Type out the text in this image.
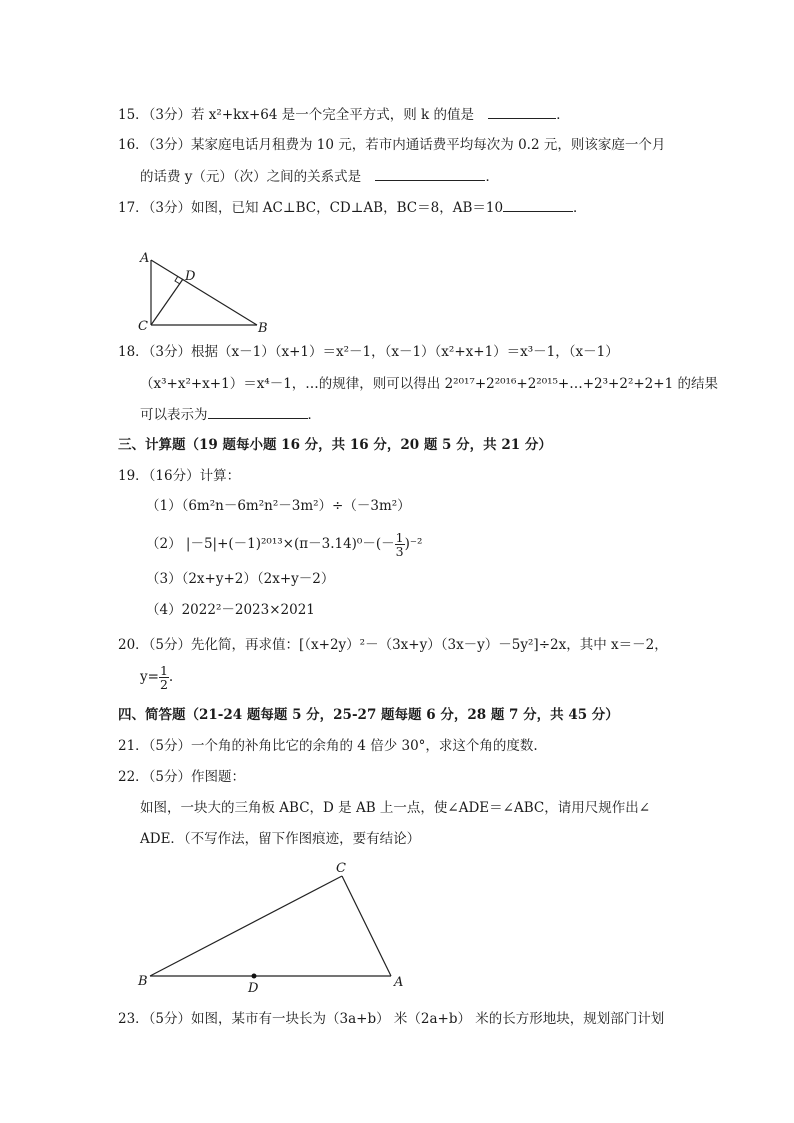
15．（3分）若 x²+kx+64 是一个完全平方式，则 k 的值是	．
16．（3分）某家庭电话月租费为 10 元，若市内通话费平均每次为 0.2 元，则该家庭一个月
的话费 y（元）（次）之间的关系式是	．
17．（3分）如图，已知 AC⊥BC，CD⊥AB，BC＝8，AB＝10	．
A
D
C	B
18．（3分）根据（x－1）（x+1）＝x²－1，（x－1）（x²+x+1）＝x³－1，（x－1）
（x³+x²+x+1）＝x⁴－1，…的规律，则可以得出 2²⁰¹⁷+2²⁰¹⁶+2²⁰¹⁵+…+2³+2²+2+1 的结果
可以表示为	．
三、计算题（19 题每小题 16 分，共 16 分，20 题 5 分，共 21 分）
19．（16分）计算：
（1）（6m²n－6m²n²－3m²）÷（－3m²）
（2） $|-5|+(-1)^{2013}\times(\pi-3.14)^0-(- \frac{1}{3} )^{-2}$
（3）（2x+y+2）（2x+y－2）
（4）2022²－2023×2021
20．（5分）先化简，再求值：[（x+2y）²－（3x+y）（3x－y）－5y²]÷2x，其中 x＝－2，
$y= \frac{1}{2}$ .
四、简答题（21-24 题每题 5 分，25-27 题每题 6 分，28 题 7 分，共 45 分）
21．（5分）一个角的补角比它的余角的 4 倍少 30°，求这个角的度数.
22．（5分）作图题：
如图，一块大的三角板 ABC，D 是 AB 上一点，使∠ADE＝∠ABC，请用尺规作出∠
ADE．（不写作法，留下作图痕迹，要有结论）
C
B	A
D
23．（5分）如图，某市有一块长为（3a+b） 米（2a+b） 米的长方形地块，规划部门计划
